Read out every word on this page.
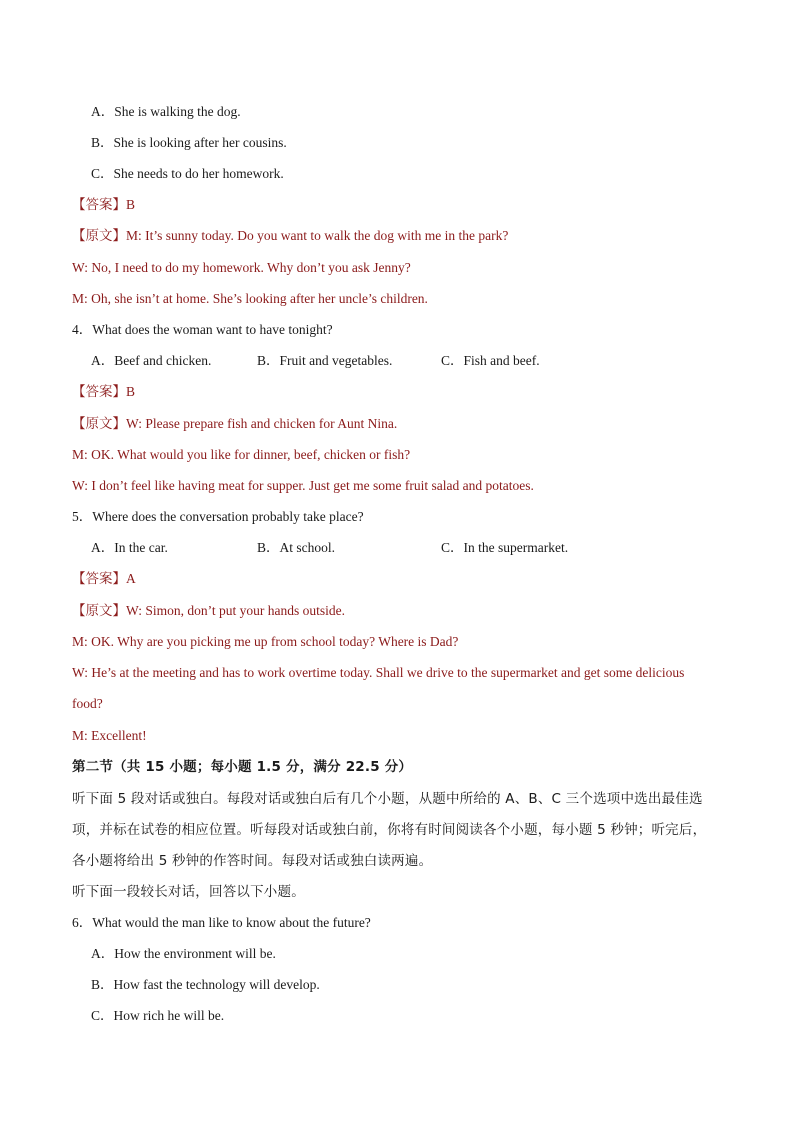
A．She is walking the dog.
B．She is looking after her cousins.
C．She needs to do her homework.
【答案】B
【原文】M: It’s sunny today. Do you want to walk the dog with me in the park?
W: No, I need to do my homework. Why don’t you ask Jenny?
M: Oh, she isn’t at home. She’s looking after her uncle’s children.
4．What does the woman want to have tonight?
A．Beef and chicken.	B．Fruit and vegetables.	C．Fish and beef.
【答案】B
【原文】W: Please prepare fish and chicken for Aunt Nina.
M: OK. What would you like for dinner, beef, chicken or fish?
W: I don’t feel like having meat for supper. Just get me some fruit salad and potatoes.
5．Where does the conversation probably take place?
A．In the car.	B．At school.	C．In the supermarket.
【答案】A
【原文】W: Simon, don’t put your hands outside.
M: OK. Why are you picking me up from school today? Where is Dad?
W: He’s at the meeting and has to work overtime today. Shall we drive to the supermarket and get some delicious
food?
M: Excellent!
第二节（共 15 小题；每小题 1.5 分，满分 22.5 分）
听下面 5 段对话或独白。每段对话或独白后有几个小题，从题中所给的 A、B、C 三个选项中选出最佳选
项，并标在试卷的相应位置。听每段对话或独白前，你将有时间阅读各个小题，每小题 5 秒钟；听完后，
各小题将给出 5 秒钟的作答时间。每段对话或独白读两遍。
听下面一段较长对话，回答以下小题。
6．What would the man like to know about the future?
A．How the environment will be.
B．How fast the technology will develop.
C．How rich he will be.
